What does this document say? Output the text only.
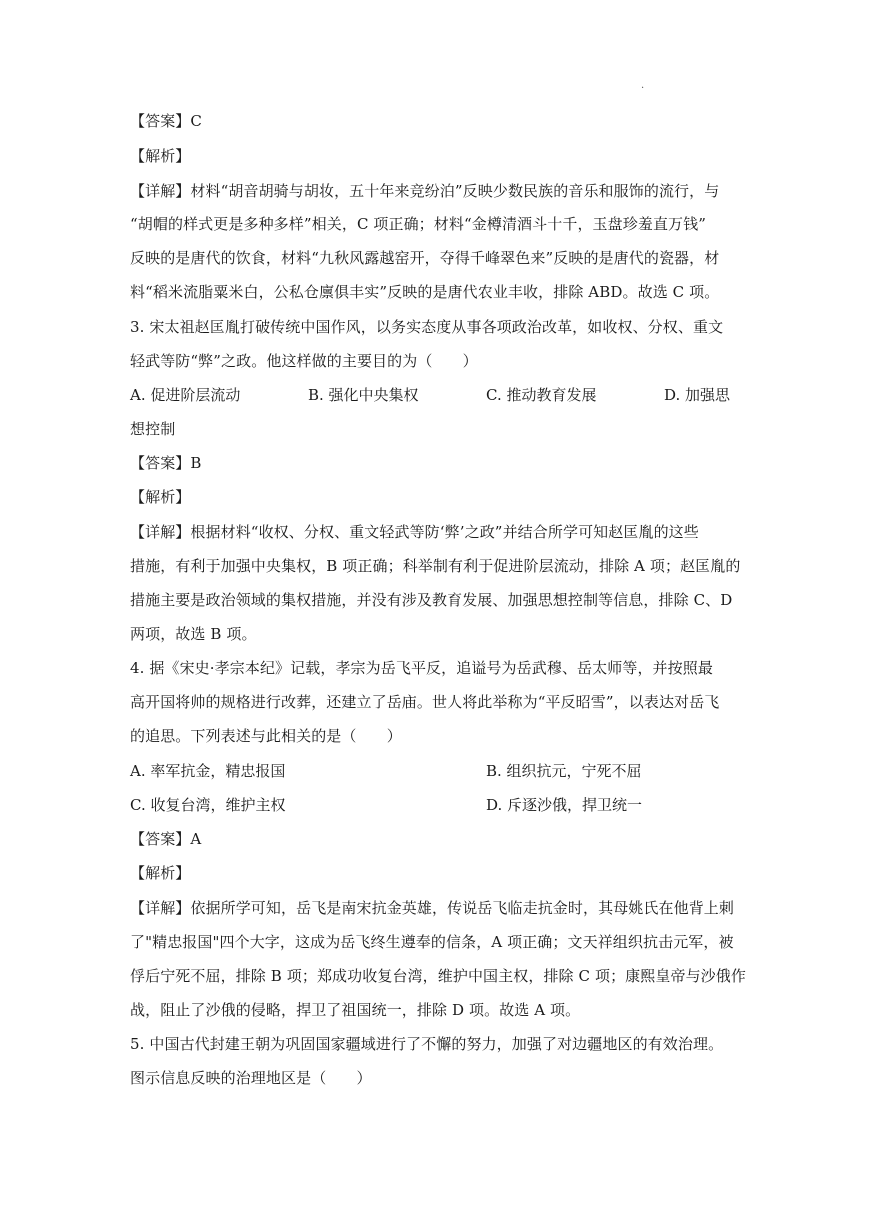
.
【答案】C
【解析】
【详解】材料“胡音胡骑与胡妆，五十年来竞纷泊”反映少数民族的音乐和服饰的流行，与
“胡帽的样式更是多种多样”相关，C 项正确；材料“金樽清酒斗十千，玉盘珍羞直万钱”
反映的是唐代的饮食，材料“九秋风露越窑开，夺得千峰翠色来”反映的是唐代的瓷器，材
料“稻米流脂粟米白，公私仓廪俱丰实”反映的是唐代农业丰收，排除 ABD。故选 C 项。
3. 宋太祖赵匡胤打破传统中国作风，以务实态度从事各项政治改革，如收权、分权、重文
轻武等防“弊”之政。他这样做的主要目的为（　　）
A. 促进阶层流动	B. 强化中央集权	C. 推动教育发展	D. 加强思
想控制
【答案】B
【解析】
【详解】根据材料“收权、分权、重文轻武等防‘弊’之政”并结合所学可知赵匡胤的这些
措施，有利于加强中央集权，B 项正确；科举制有利于促进阶层流动，排除 A 项；赵匡胤的
措施主要是政治领域的集权措施，并没有涉及教育发展、加强思想控制等信息，排除 C、D
两项，故选 B 项。
4. 据《宋史·孝宗本纪》记载，孝宗为岳飞平反，追谥号为岳武穆、岳太师等，并按照最
高开国将帅的规格进行改葬，还建立了岳庙。世人将此举称为“平反昭雪”，以表达对岳飞
的追思。下列表述与此相关的是（　　）
A. 率军抗金，精忠报国	B. 组织抗元，宁死不屈
C. 收复台湾，维护主权	D. 斥逐沙俄，捍卫统一
【答案】A
【解析】
【详解】依据所学可知，岳飞是南宋抗金英雄，传说岳飞临走抗金时，其母姚氏在他背上刺
了"精忠报国"四个大字，这成为岳飞终生遵奉的信条，A 项正确；文天祥组织抗击元军，被
俘后宁死不屈，排除 B 项；郑成功收复台湾，维护中国主权，排除 C 项；康熙皇帝与沙俄作
战，阻止了沙俄的侵略，捍卫了祖国统一，排除 D 项。故选 A 项。
5. 中国古代封建王朝为巩固国家疆域进行了不懈的努力，加强了对边疆地区的有效治理。
图示信息反映的治理地区是（　　）
